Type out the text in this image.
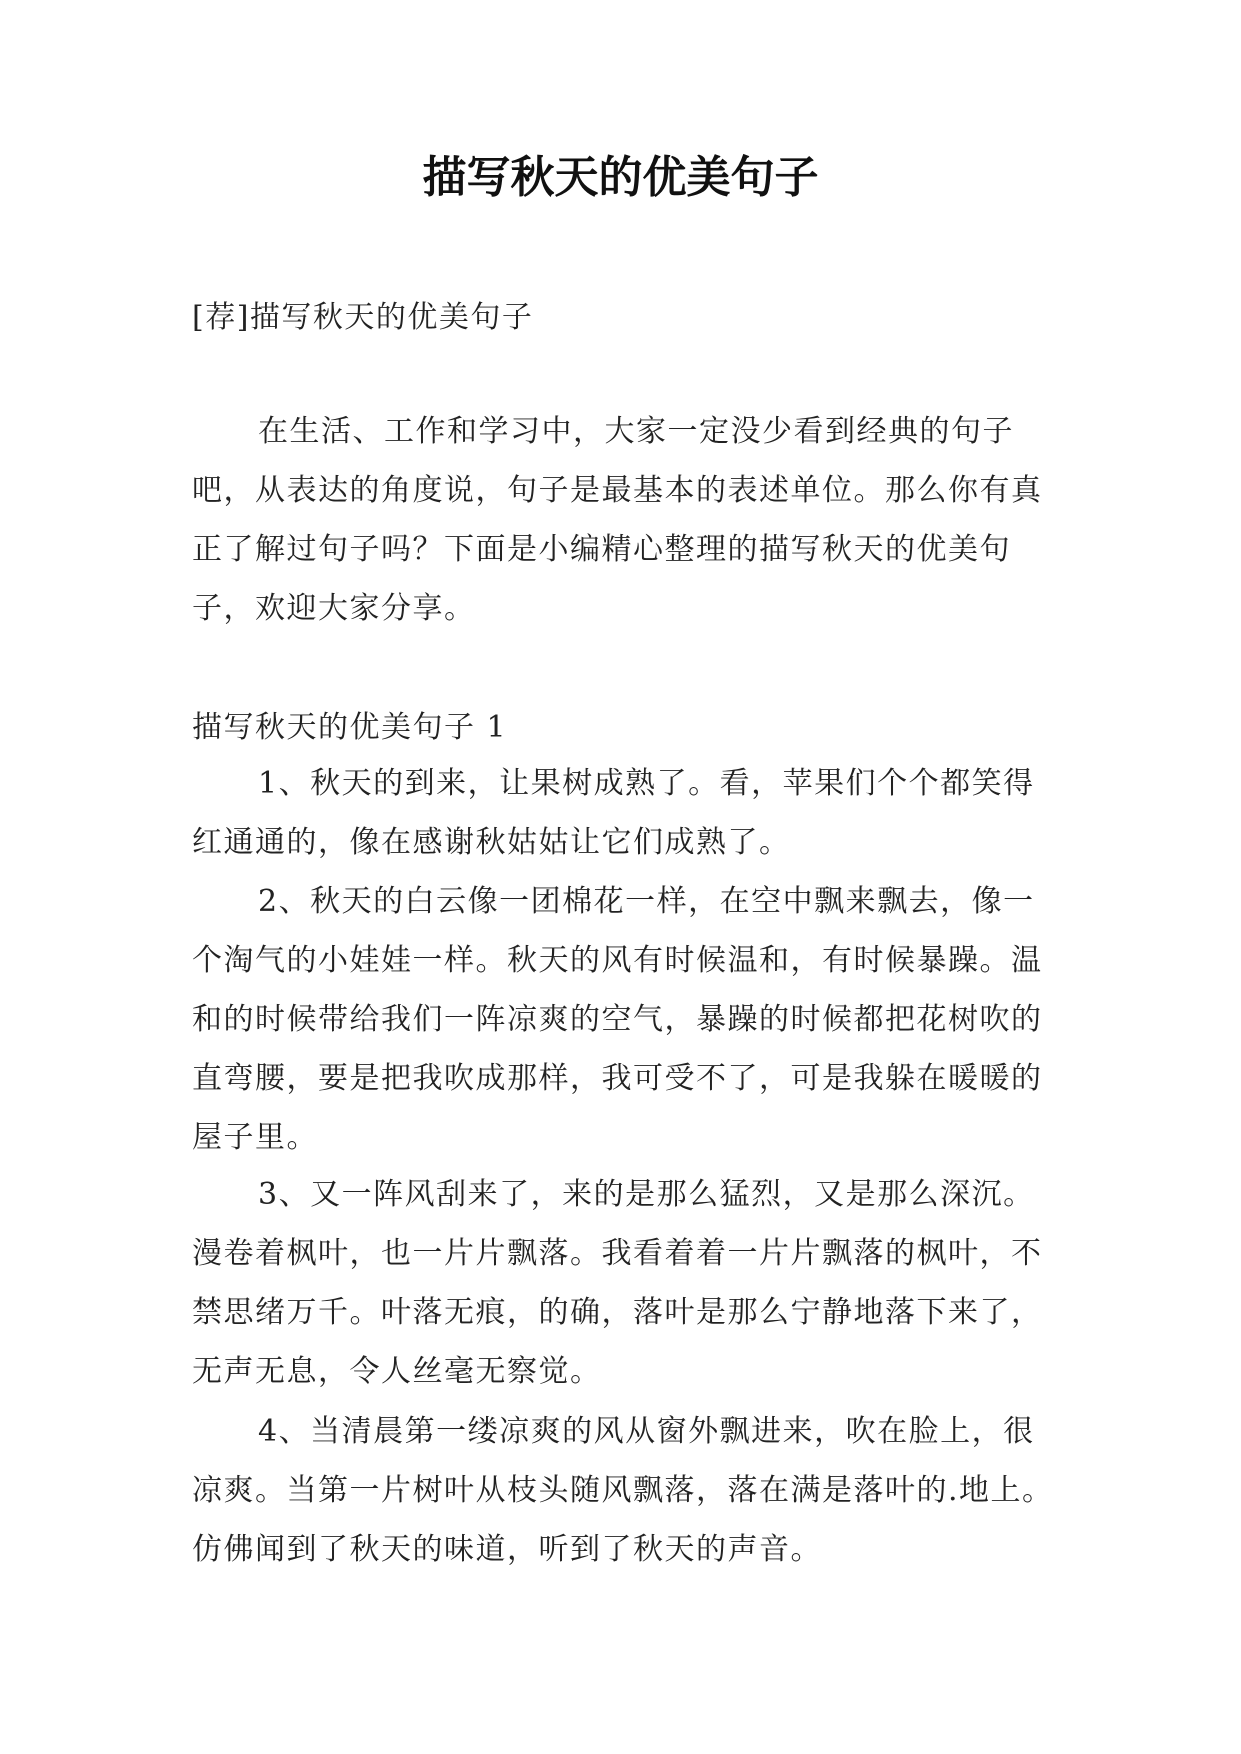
描写秋天的优美句子

[荐]描写秋天的优美句子

在生活、工作和学习中，大家一定没少看到经典的句子吧，从表达的角度说，句子是最基本的表述单位。那么你有真正了解过句子吗？下面是小编精心整理的描写秋天的优美句子，欢迎大家分享。

描写秋天的优美句子 1

1、秋天的到来，让果树成熟了。看，苹果们个个都笑得红通通的，像在感谢秋姑姑让它们成熟了。

2、秋天的白云像一团棉花一样，在空中飘来飘去，像一个淘气的小娃娃一样。秋天的风有时候温和，有时候暴躁。温和的时候带给我们一阵凉爽的空气，暴躁的时候都把花树吹的直弯腰，要是把我吹成那样，我可受不了，可是我躲在暖暖的屋子里。

3、又一阵风刮来了，来的是那么猛烈，又是那么深沉。漫卷着枫叶，也一片片飘落。我看着着一片片飘落的枫叶，不禁思绪万千。叶落无痕，的确，落叶是那么宁静地落下来了，无声无息，令人丝毫无察觉。

4、当清晨第一缕凉爽的风从窗外飘进来，吹在脸上，很凉爽。当第一片树叶从枝头随风飘落，落在满是落叶的.地上。仿佛闻到了秋天的味道，听到了秋天的声音。
